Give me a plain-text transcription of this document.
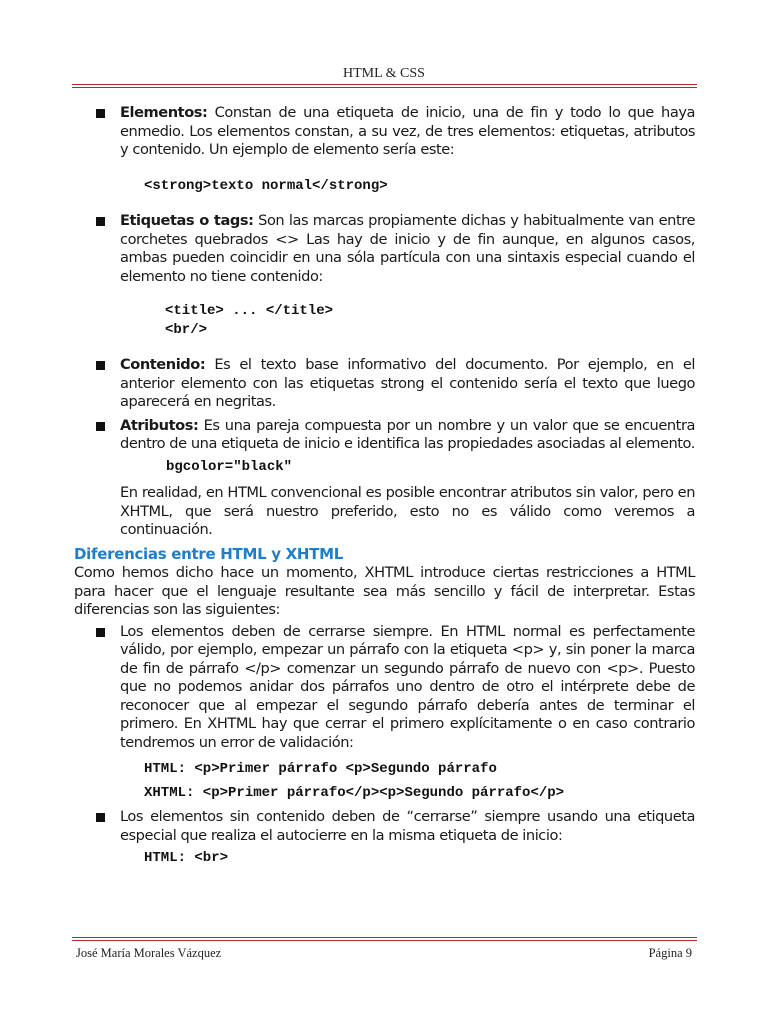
HTML & CSS
Elementos: Constan de una etiqueta de inicio, una de fin y todo lo que haya enmedio. Los elementos constan, a su vez, de tres elementos: etiquetas, atributos y contenido. Un ejemplo de elemento sería este:
<strong>texto normal</strong>
Etiquetas o tags: Son las marcas propiamente dichas y habitualmente van entre corchetes quebrados <> Las hay de inicio y de fin aunque, en algunos casos, ambas pueden coincidir en una sóla partícula con una sintaxis especial cuando el elemento no tiene contenido:
<title> ... </title>
<br/>
Contenido: Es el texto base informativo del documento. Por ejemplo, en el anterior elemento con las etiquetas strong el contenido sería el texto que luego aparecerá en negritas.
Atributos: Es una pareja compuesta por un nombre y un valor que se encuentra dentro de una etiqueta de inicio e identifica las propiedades asociadas al elemento.
bgcolor="black"
En realidad, en HTML convencional es posible encontrar atributos sin valor, pero en XHTML, que será nuestro preferido, esto no es válido como veremos a continuación.
Diferencias entre HTML y XHTML
Como hemos dicho hace un momento, XHTML introduce ciertas restricciones a HTML para hacer que el lenguaje resultante sea más sencillo y fácil de interpretar. Estas diferencias son las siguientes:
Los elementos deben de cerrarse siempre. En HTML normal es perfectamente válido, por ejemplo, empezar un párrafo con la etiqueta <p> y, sin poner la marca de fin de párrafo </p> comenzar un segundo párrafo de nuevo con <p>. Puesto que no podemos anidar dos párrafos uno dentro de otro el intérprete debe de reconocer que al empezar el segundo párrafo debería antes de terminar el primero. En XHTML hay que cerrar el primero explícitamente o en caso contrario tendremos un error de validación:
HTML: <p>Primer párrafo <p>Segundo párrafo
XHTML: <p>Primer párrafo</p><p>Segundo párrafo</p>
Los elementos sin contenido deben de “cerrarse” siempre usando una etiqueta especial que realiza el autocierre en la misma etiqueta de inicio:
HTML: <br>
José María Morales Vázquez	Página 9
